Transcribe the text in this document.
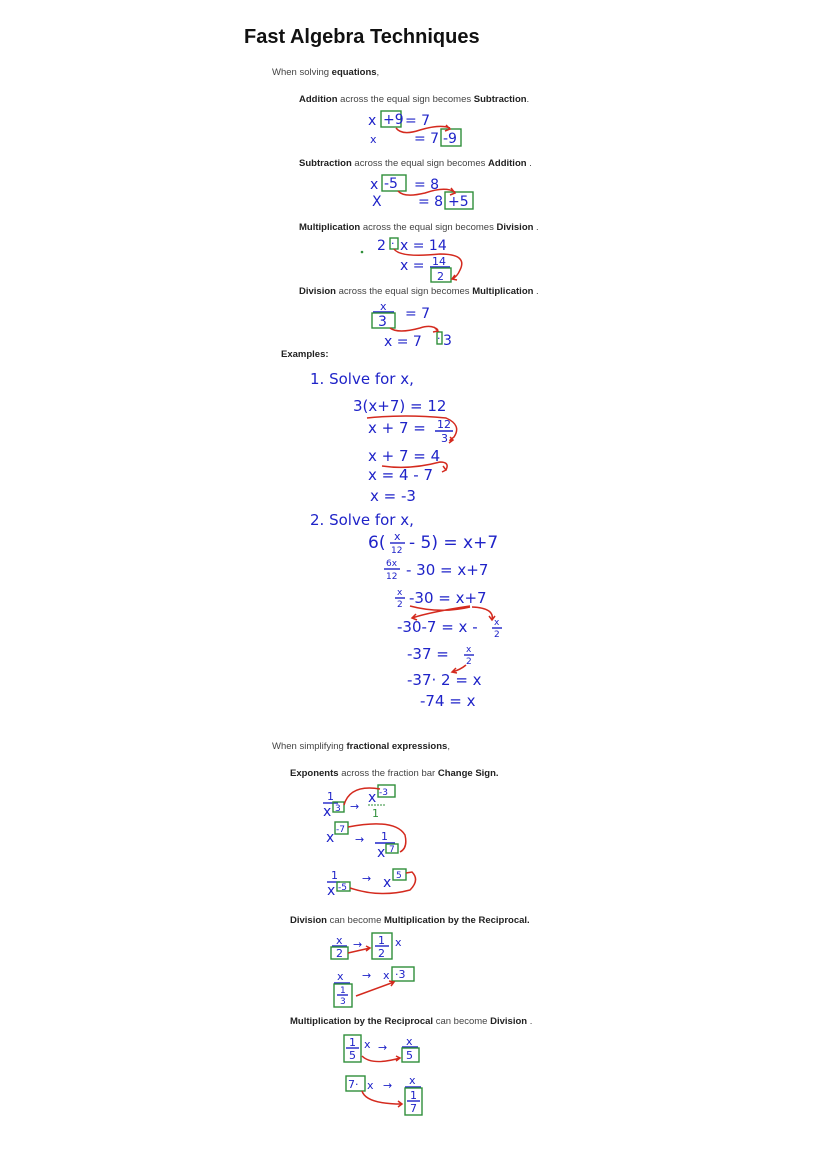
Fast Algebra Techniques
When solving equations,
Addition across the equal sign becomes Subtraction.
Subtraction across the equal sign becomes Addition .
Multiplication across the equal sign becomes Division .
Division across the equal sign becomes Multiplication .
Examples:
When simplifying fractional expressions,
Exponents across the fraction bar Change Sign.
Division can become Multiplication by the Reciprocal.
Multiplication by the Reciprocal can become Division .
x +9 = 7
x	= 7 -9
x -5 = 8
X	= 8 +5
2 · x = 14
x = 14
2
x
3 = 7
x = 7 · 3
1. Solve for x,
3(x+7) = 12
x + 7 = 12
3
x + 7 = 4
x = 4 - 7
x = -3
2. Solve for x,
6( x
12 - 5) = x+7
6x
12 - 30 = x+7
x
2 -30 = x+7
-30-7 = x - x
2
-37 = x
2
-37· 2 = x
-74 = x
1
x 3 →
x -3
1
x -7
→ 1
x 7
1
x -5
→ x 5
x
2
→ 1
2
x
x
1
3
→ x ·3
1
5
x → x
5
7· x → x
1
7
